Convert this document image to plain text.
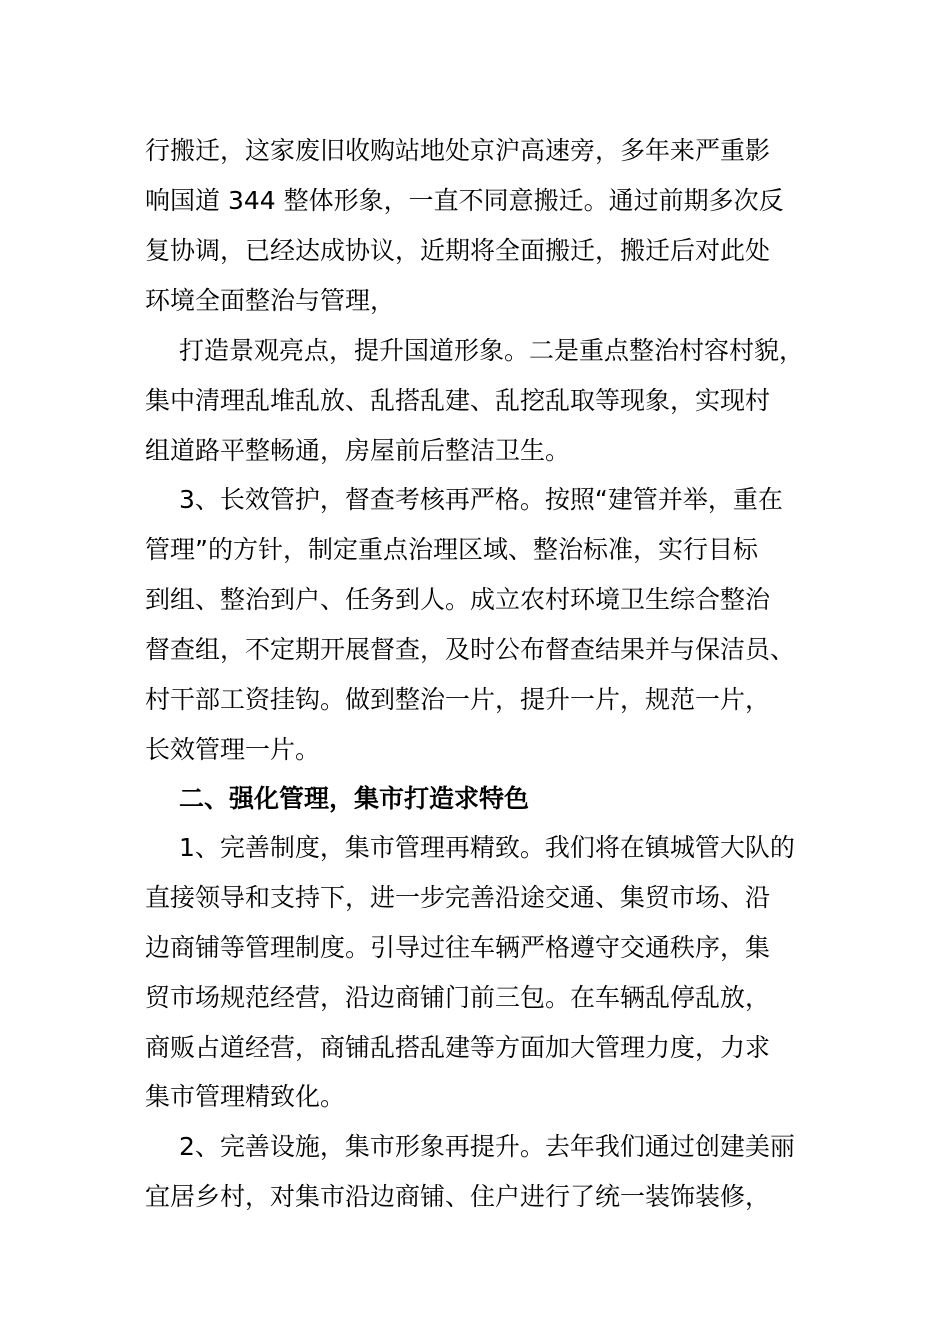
行搬迁，这家废旧收购站地处京沪高速旁，多年来严重影
响国道 344 整体形象，一直不同意搬迁。通过前期多次反
复协调，已经达成协议，近期将全面搬迁，搬迁后对此处
环境全面整治与管理，
打造景观亮点，提升国道形象。二是重点整治村容村貌，
集中清理乱堆乱放、乱搭乱建、乱挖乱取等现象，实现村
组道路平整畅通，房屋前后整洁卫生。
3、长效管护，督查考核再严格。按照“建管并举，重在
管理”的方针，制定重点治理区域、整治标准，实行目标
到组、整治到户、任务到人。成立农村环境卫生综合整治
督查组，不定期开展督查，及时公布督查结果并与保洁员、
村干部工资挂钩。做到整治一片，提升一片，规范一片，
长效管理一片。
二、强化管理，集市打造求特色
1、完善制度，集市管理再精致。我们将在镇城管大队的
直接领导和支持下，进一步完善沿途交通、集贸市场、沿
边商铺等管理制度。引导过往车辆严格遵守交通秩序，集
贸市场规范经营，沿边商铺门前三包。在车辆乱停乱放，
商贩占道经营，商铺乱搭乱建等方面加大管理力度，力求
集市管理精致化。
2、完善设施，集市形象再提升。去年我们通过创建美丽
宜居乡村，对集市沿边商铺、住户进行了统一装饰装修，
